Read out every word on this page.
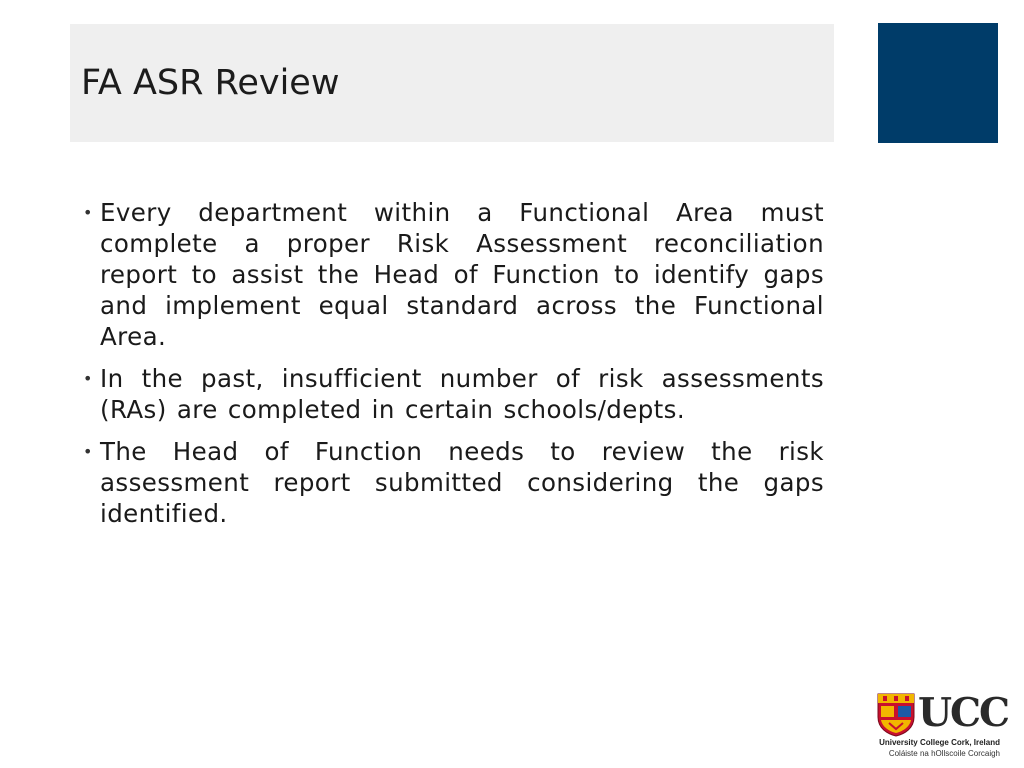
FA ASR Review
• Every department within a Functional Area must complete a proper Risk Assessment reconciliation report to assist the Head of Function to identify gaps and implement equal standard across the Functional Area.
• In the past, insufficient number of risk assessments (RAs) are completed in certain schools/depts.
• The Head of Function needs to review the risk assessment report submitted considering the gaps identified.
UCC
University College Cork, Ireland
Coláiste na hOllscoile Corcaigh
